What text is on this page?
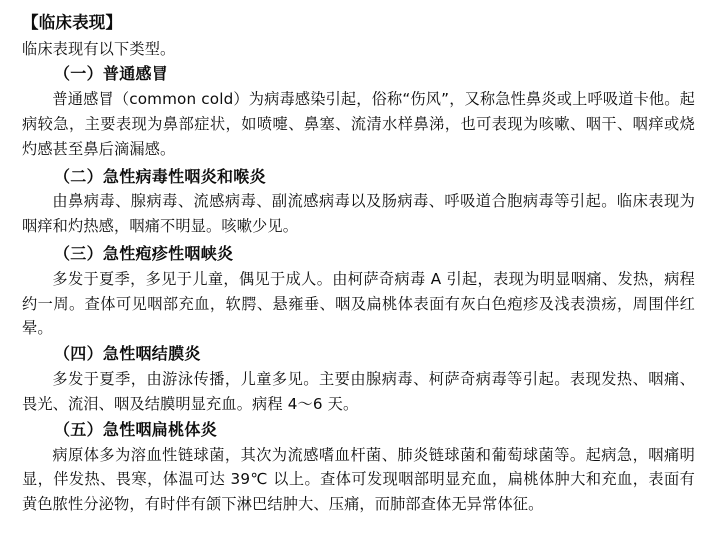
【临床表现】
临床表现有以下类型。
（一）普通感冒
普通感冒（common cold）为病毒感染引起，俗称“伤风”，又称急性鼻炎或上呼吸道卡他。起病较急，主要表现为鼻部症状，如喷嚏、鼻塞、流清水样鼻涕，也可表现为咳嗽、咽干、咽痒或烧灼感甚至鼻后滴漏感。
（二）急性病毒性咽炎和喉炎
由鼻病毒、腺病毒、流感病毒、副流感病毒以及肠病毒、呼吸道合胞病毒等引起。临床表现为咽痒和灼热感，咽痛不明显。咳嗽少见。
（三）急性疱疹性咽峡炎
多发于夏季，多见于儿童，偶见于成人。由柯萨奇病毒 A 引起，表现为明显咽痛、发热，病程约一周。查体可见咽部充血，软腭、悬雍垂、咽及扁桃体表面有灰白色疱疹及浅表溃疡，周围伴红晕。
（四）急性咽结膜炎
多发于夏季，由游泳传播，儿童多见。主要由腺病毒、柯萨奇病毒等引起。表现发热、咽痛、畏光、流泪、咽及结膜明显充血。病程 4～6 天。
（五）急性咽扁桃体炎
病原体多为溶血性链球菌，其次为流感嗜血杆菌、肺炎链球菌和葡萄球菌等。起病急，咽痛明显，伴发热、畏寒，体温可达 39℃ 以上。查体可发现咽部明显充血，扁桃体肿大和充血，表面有黄色脓性分泌物，有时伴有颌下淋巴结肿大、压痛，而肺部查体无异常体征。
